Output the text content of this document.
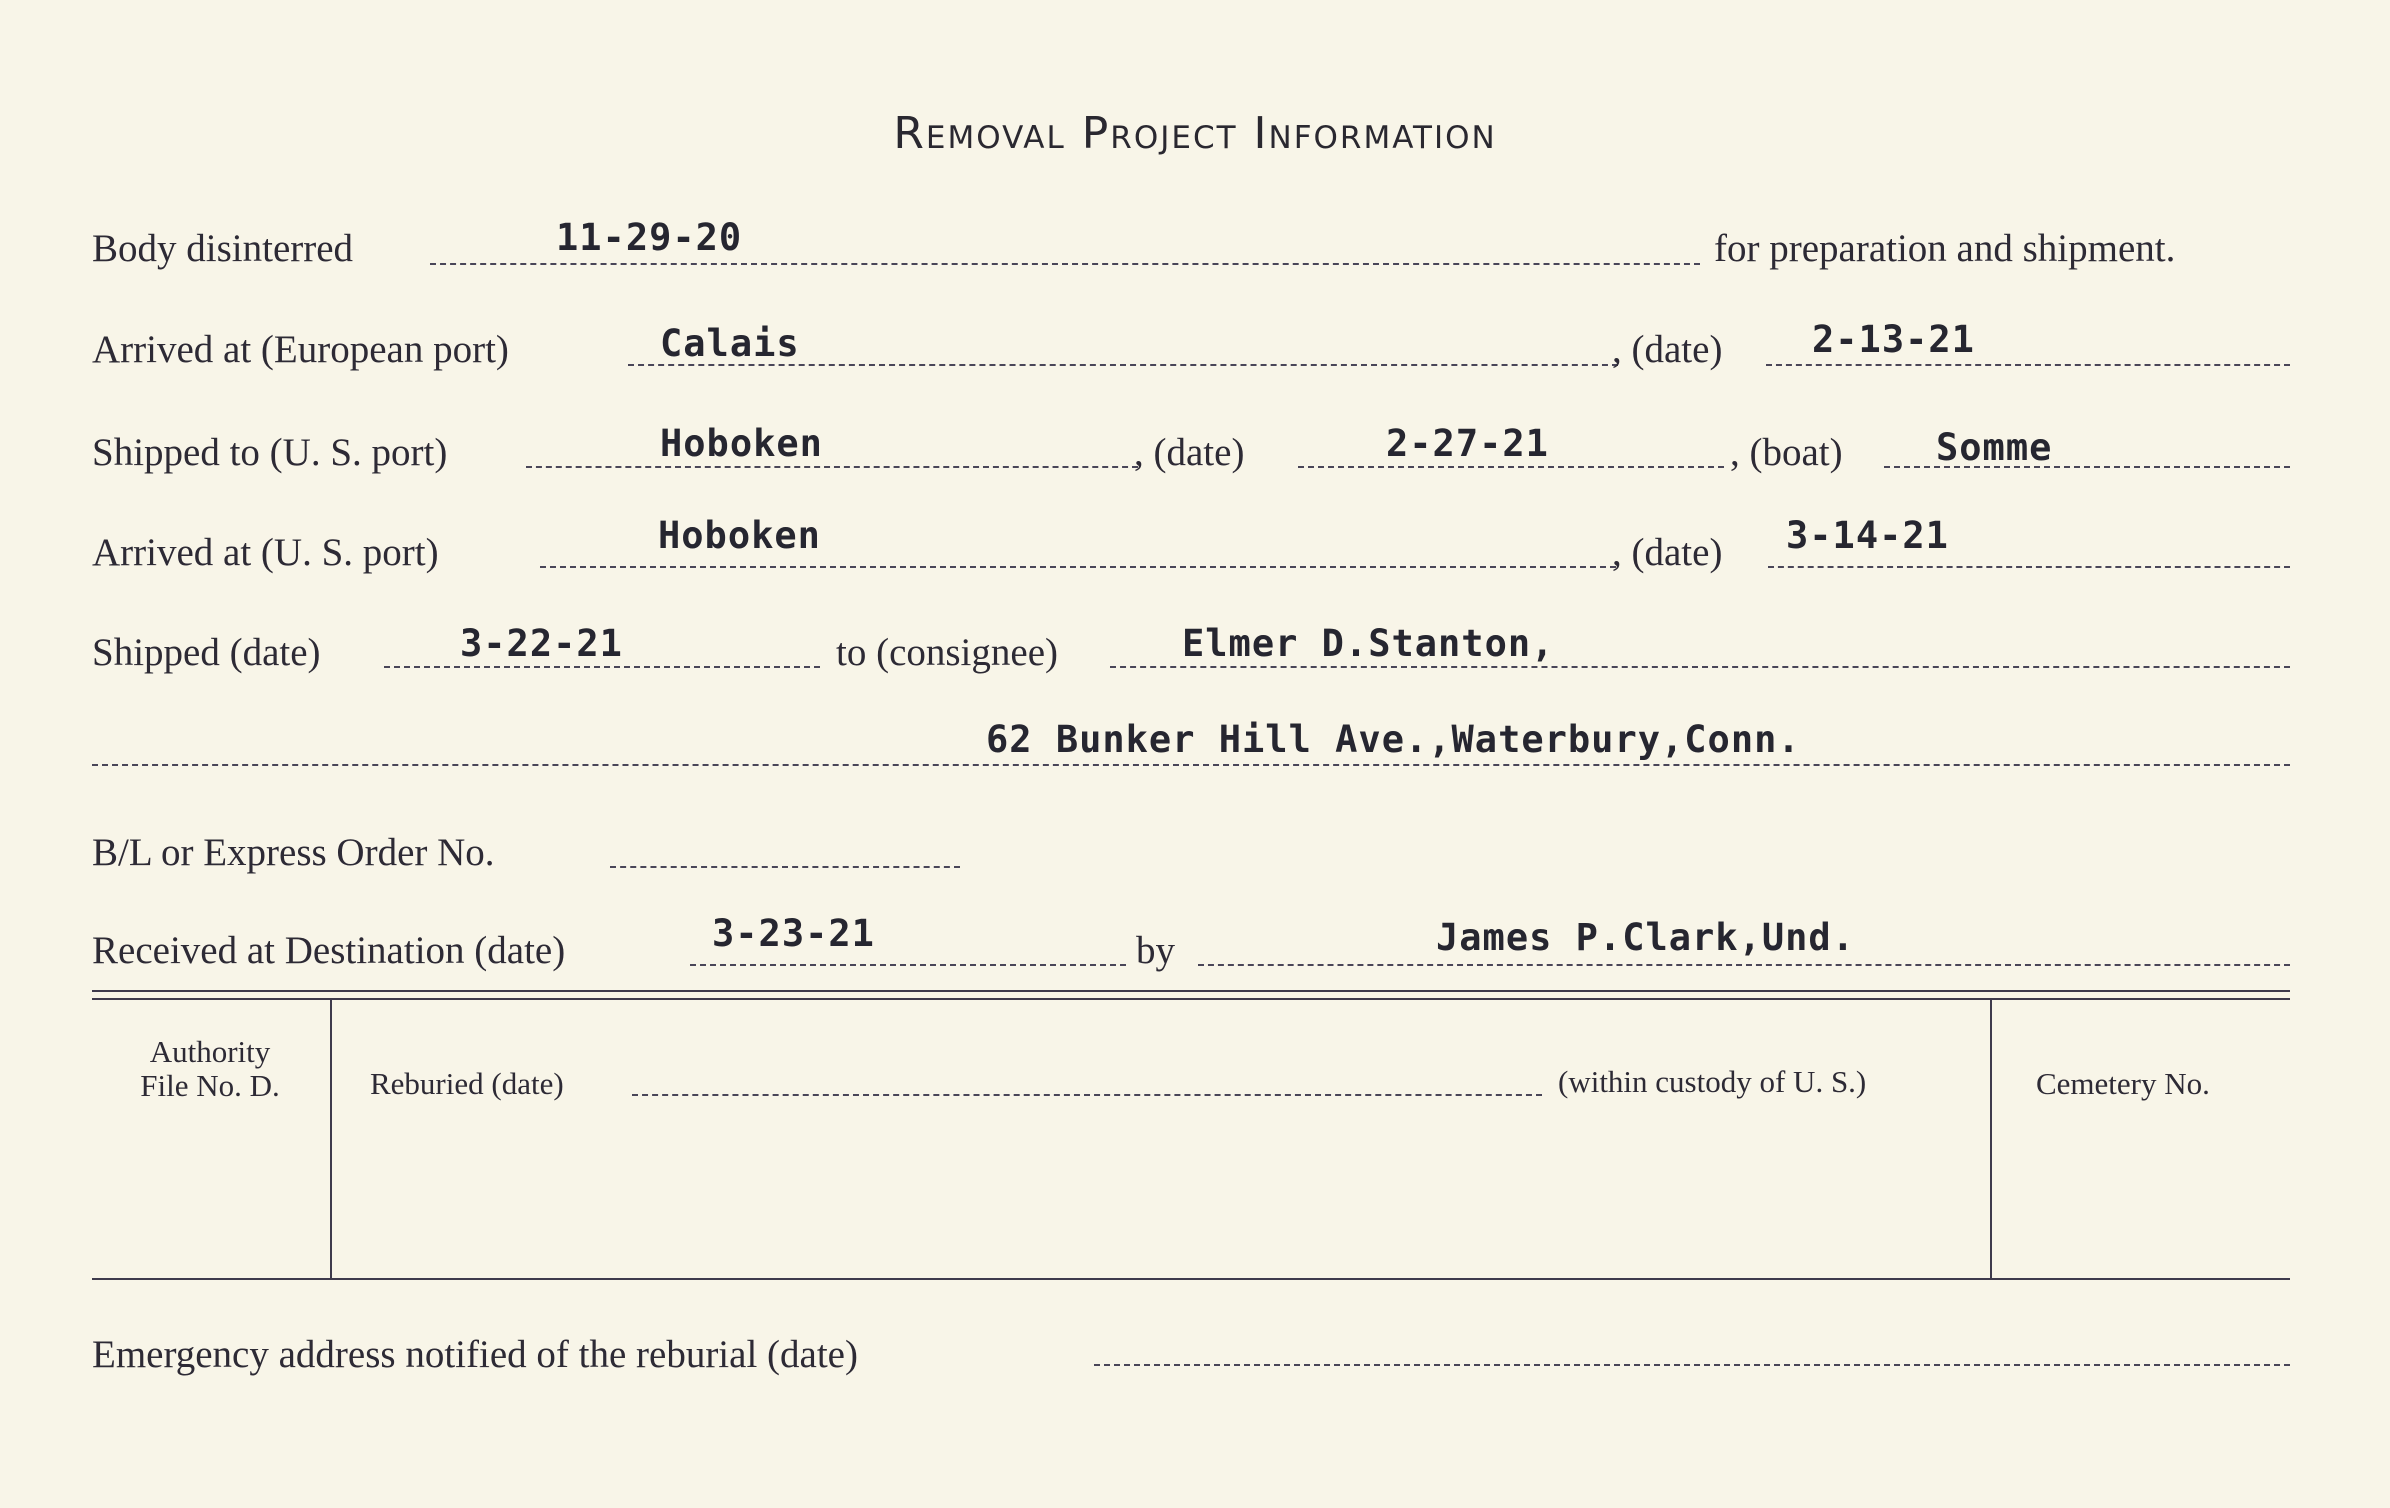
Removal Project Information
Body disinterred	11-29-20	for preparation and shipment.
Arrived at (European port)	Calais	, (date) 2-13-21
Shipped to (U. S. port)	Hoboken	, (date)	2-27-21	, (boat)	Somme
Arrived at (U. S. port)	Hoboken	, (date) 3-14-21
Shipped (date)	3-22-21	to (consignee)	Elmer D.Stanton,
62 Bunker Hill Ave.,Waterbury,Conn.
B/L or Express Order No.
Received at Destination (date)	3-23-21	by	James P.Clark,Und.
Authority
File No. D.	Reburied (date)	(within custody of U. S.)	Cemetery No.
Emergency address notified of the reburial (date)
